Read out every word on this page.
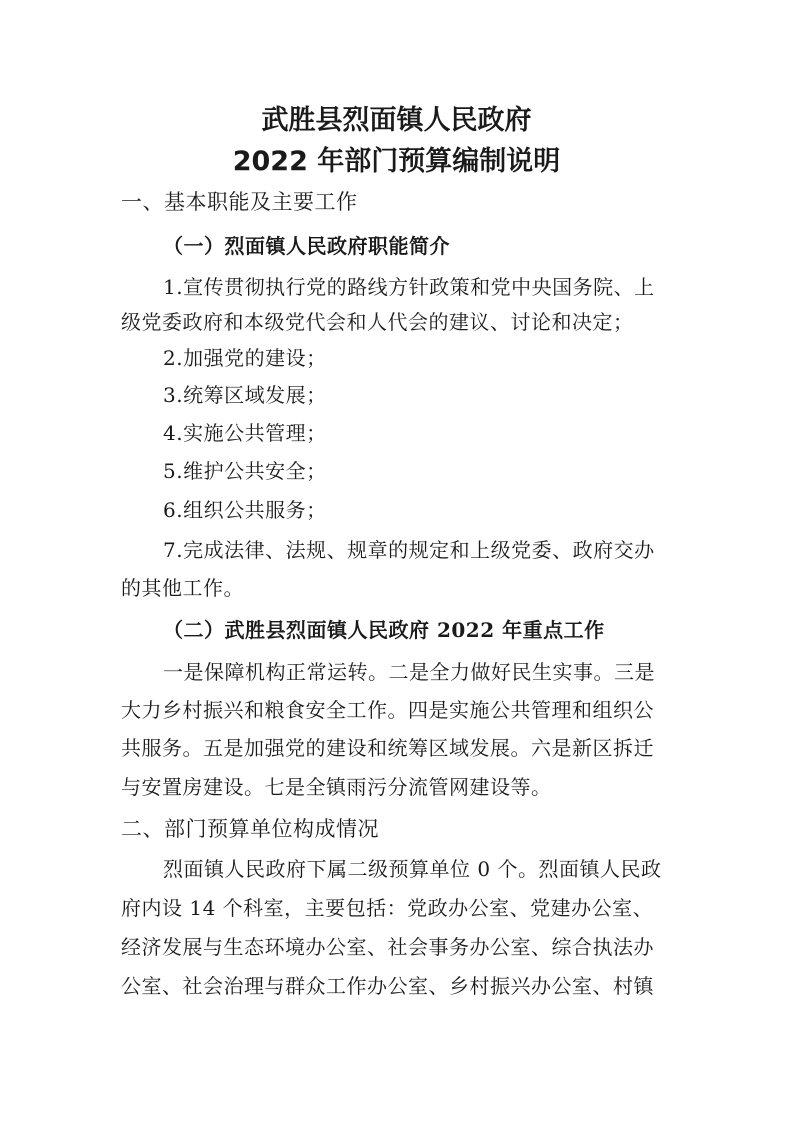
武胜县烈面镇人民政府
2022 年部门预算编制说明
一、基本职能及主要工作
（一）烈面镇人民政府职能简介
1.宣传贯彻执行党的路线方针政策和党中央国务院、上
级党委政府和本级党代会和人代会的建议、讨论和决定；
2.加强党的建设；
3.统筹区域发展；
4.实施公共管理；
5.维护公共安全；
6.组织公共服务；
7.完成法律、法规、规章的规定和上级党委、政府交办
的其他工作。
（二）武胜县烈面镇人民政府 2022 年重点工作
一是保障机构正常运转。二是全力做好民生实事。三是
大力乡村振兴和粮食安全工作。四是实施公共管理和组织公
共服务。五是加强党的建设和统筹区域发展。六是新区拆迁
与安置房建设。七是全镇雨污分流管网建设等。
二、部门预算单位构成情况
烈面镇人民政府下属二级预算单位 0 个。烈面镇人民政
府内设 14 个科室，主要包括：党政办公室、党建办公室、
经济发展与生态环境办公室、社会事务办公室、综合执法办
公室、社会治理与群众工作办公室、乡村振兴办公室、村镇
